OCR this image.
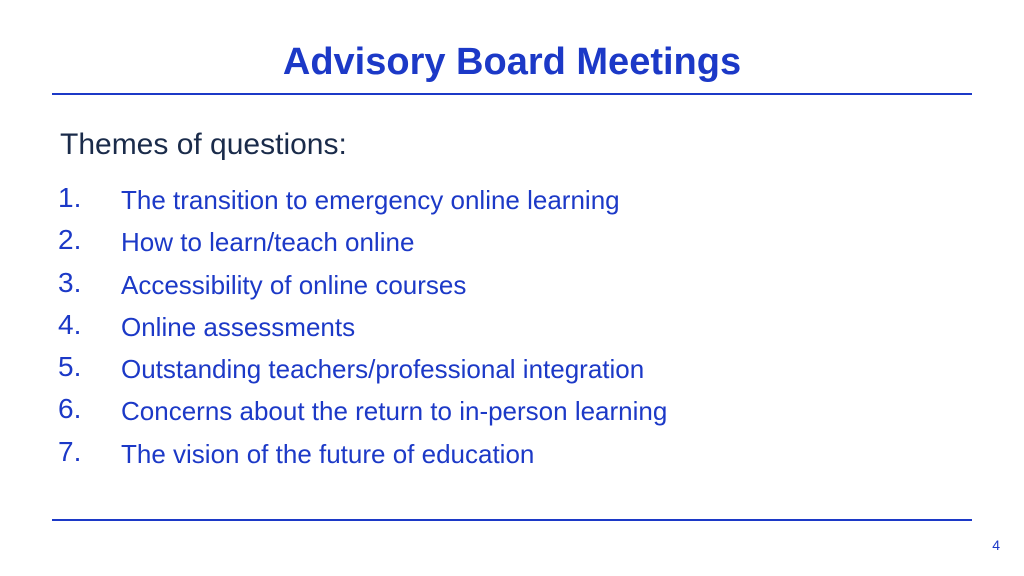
Advisory Board Meetings
Themes of questions:
1. The transition to emergency online learning
2. How to learn/teach online
3. Accessibility of online courses
4. Online assessments
5. Outstanding teachers/professional integration
6. Concerns about the return to in-person learning
7. The vision of the future of education
4
